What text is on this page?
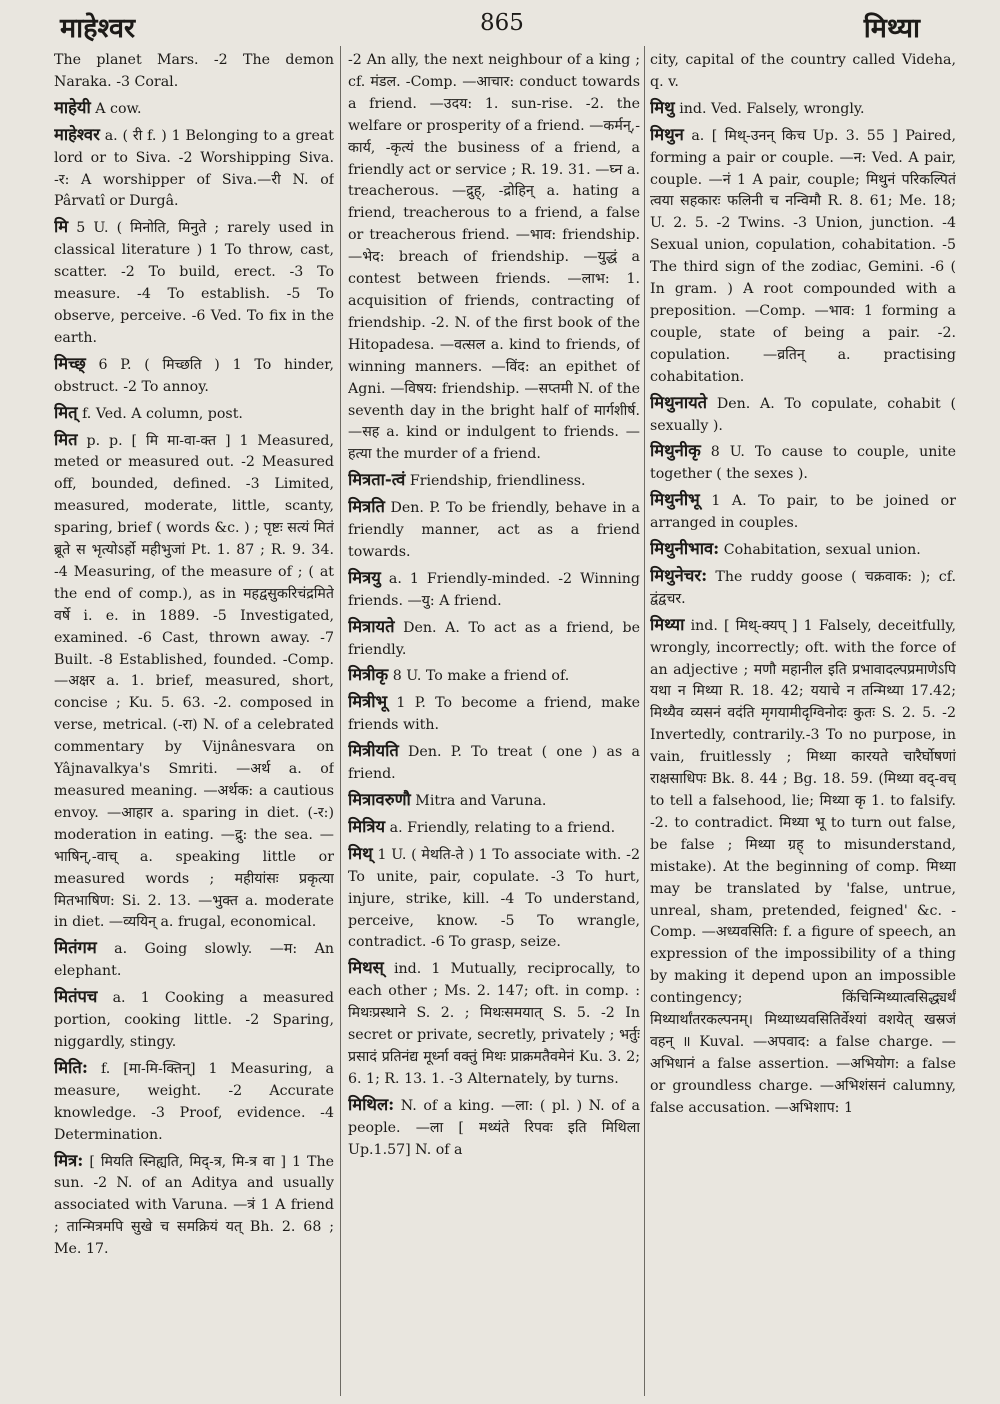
माहेश्वर	865	मिथ्या

The planet Mars. -2 The demon Naraka. -3 Coral.

माहेयी A cow.

माहेश्वर a. ( री f. ) 1 Belonging to a great lord or to Siva. -2 Worshipping Siva. -र: A worshipper of Siva.—री N. of Pârvatî or Durgâ.

मि 5 U. ( मिनोति, मिनुते ; rarely used in classical literature ) 1 To throw, cast, scatter. -2 To build, erect. -3 To measure. -4 To establish. -5 To observe, perceive. -6 Ved. To fix in the earth.

मिच्छ् 6 P. ( मिच्छति ) 1 To hinder, obstruct. -2 To annoy.

मित् f. Ved. A column, post.

मित p. p. [ मि मा-वा-क्त ] 1 Measured, meted or measured out. -2 Measured off, bounded, defined. -3 Limited, measured, moderate, little, scanty, sparing, brief ( words &c. ) ; पृष्टः सत्यं मितं ब्रूते स भृत्योऽर्हो महीभुजां Pt. 1. 87 ; R. 9. 34. -4 Measuring, of the measure of ; ( at the end of comp.), as in महद्वसुकरिचंद्रमिते वर्षे i. e. in 1889. -5 Investigated, examined. -6 Cast, thrown away. -7 Built. -8 Established, founded. -Comp. —अक्षर a. 1. brief, measured, short, concise ; Ku. 5. 63. -2. composed in verse, metrical. (-रा) N. of a celebrated commentary by Vijnânesvara on Yâjnavalkya's Smriti. —अर्थ a. of measured meaning. —अर्थक: a cautious envoy. —आहार a. sparing in diet. (-र:) moderation in eating. —द्रु: the sea. —भाषिन्,-वाच् a. speaking little or measured words ; महीयांसः प्रकृत्या मितभाषिण: Si. 2. 13. —भुक्त a. moderate in diet. —व्ययिन् a. frugal, economical.

मितंगम a. Going slowly. —म: An elephant.

मितंपच a. 1 Cooking a measured portion, cooking little. -2 Sparing, niggardly, stingy.

मिति: f. [मा-मि-क्तिन्] 1 Measuring, a measure, weight. -2 Accurate knowledge. -3 Proof, evidence. -4 Determination.

मित्र: [ मियति स्निह्यति, मिद्-त्र, मि-त्र वा ] 1 The sun. -2 N. of an Aditya and usually associated with Varuna. —त्रं 1 A friend ; तान्मित्रमपि सुखे च समक्रियं यत् Bh. 2. 68 ; Me. 17.

-2 An ally, the next neighbour of a king ; cf. मंडल. -Comp. —आचार: conduct towards a friend. —उदय: 1. sun-rise. -2. the welfare or prosperity of a friend. —कर्मन्,-कार्य, -कृत्यं the business of a friend, a friendly act or service ; R. 19. 31. —घ्न a. treacherous. —द्रुह्, -द्रोहिन् a. hating a friend, treacherous to a friend, a false or treacherous friend. —भाव: friendship. —भेद: breach of friendship. —युद्धं a contest between friends. —लाभ: 1. acquisition of friends, contracting of friendship. -2. N. of the first book of the Hitopadesa. —वत्सल a. kind to friends, of winning manners. —विंद: an epithet of Agni. —विषय: friendship. —सप्तमी N. of the seventh day in the bright half of मार्गशीर्ष. —सह a. kind or indulgent to friends. —हत्या the murder of a friend.

मित्रता-त्वं Friendship, friendliness.

मित्रति Den. P. To be friendly, behave in a friendly manner, act as a friend towards.

मित्रयु a. 1 Friendly-minded. -2 Winning friends. —यु: A friend.

मित्रायते Den. A. To act as a friend, be friendly.

मित्रीकृ 8 U. To make a friend of.

मित्रीभू 1 P. To become a friend, make friends with.

मित्रीयति Den. P. To treat ( one ) as a friend.

मित्रावरुणौ Mitra and Varuna.

मित्रिय a. Friendly, relating to a friend.

मिथ् 1 U. ( मेथति-ते ) 1 To associate with. -2 To unite, pair, copulate. -3 To hurt, injure, strike, kill. -4 To understand, perceive, know. -5 To wrangle, contradict. -6 To grasp, seize.

मिथस् ind. 1 Mutually, reciprocally, to each other ; Ms. 2. 147; oft. in comp. : मिथःप्रस्थाने S. 2. ; मिथःसमयात् S. 5. -2 In secret or private, secretly, privately ; भर्तुः प्रसादं प्रतिनंद्य मूर्ध्ना वक्तुं मिथः प्राक्रमतैवमेनं Ku. 3. 2; 6. 1; R. 13. 1. -3 Alternately, by turns.

मिथिल: N. of a king. —ला: ( pl. ) N. of a people. —ला [ मथ्यंते रिपवः इति मिथिला Up.1.57] N. of a

city, capital of the country called Videha, q. v.

मिथु ind. Ved. Falsely, wrongly.

मिथुन a. [ मिथ्-उनन् किच Up. 3. 55 ] Paired, forming a pair or couple. —न: Ved. A pair, couple. —नं 1 A pair, couple; मिथुनं परिकल्पितं त्वया सहकारः फलिनी च नन्विमौ R. 8. 61; Me. 18; U. 2. 5. -2 Twins. -3 Union, junction. -4 Sexual union, copulation, cohabitation. -5 The third sign of the zodiac, Gemini. -6 ( In gram. ) A root compounded with a preposition. —Comp. —भाव: 1 forming a couple, state of being a pair. -2. copulation. —व्रतिन् a. practising cohabitation.

मिथुनायते Den. A. To copulate, cohabit ( sexually ).

मिथुनीकृ 8 U. To cause to couple, unite together ( the sexes ).

मिथुनीभू 1 A. To pair, to be joined or arranged in couples.

मिथुनीभाव: Cohabitation, sexual union.

मिथुनेचर: The ruddy goose ( चक्रवाक: ); cf. द्वंद्वचर.

मिथ्या ind. [ मिथ्-क्यप् ] 1 Falsely, deceitfully, wrongly, incorrectly; oft. with the force of an adjective ; मणौ महानील इति प्रभावादल्पप्रमाणेऽपि यथा न मिथ्या R. 18. 42; ययाचे न तन्मिथ्या 17.42; मिथ्यैव व्यसनं वदंति मृगयामीदृग्विनोदः कुतः S. 2. 5. -2 Invertedly, contrarily.-3 To no purpose, in vain, fruitlessly ; मिथ्या कारयते चारैर्घोषणां राक्षसाधिपः Bk. 8. 44 ; Bg. 18. 59. (मिथ्या वद्-वच् to tell a falsehood, lie; मिथ्या कृ 1. to falsify. -2. to contradict. मिथ्या भू to turn out false, be false ; मिथ्या ग्रह् to misunderstand, mistake). At the beginning of comp. मिथ्या may be translated by 'false, untrue, unreal, sham, pretended, feigned' &c. -Comp. —अध्यवसिति: f. a figure of speech, an expression of the impossibility of a thing by making it depend upon an impossible contingency; किंचिन्मिथ्यात्वसिद्ध्यर्थं मिथ्यार्थांतरकल्पनम्। मिथ्याध्यवसितिर्वेश्यां वशयेत् खस्रजं वहन् ॥ Kuval. —अपवाद: a false charge. —अभिधानं a false assertion. —अभियोग: a false or groundless charge. —अभिशंसनं calumny, false accusation. —अभिशाप: 1
